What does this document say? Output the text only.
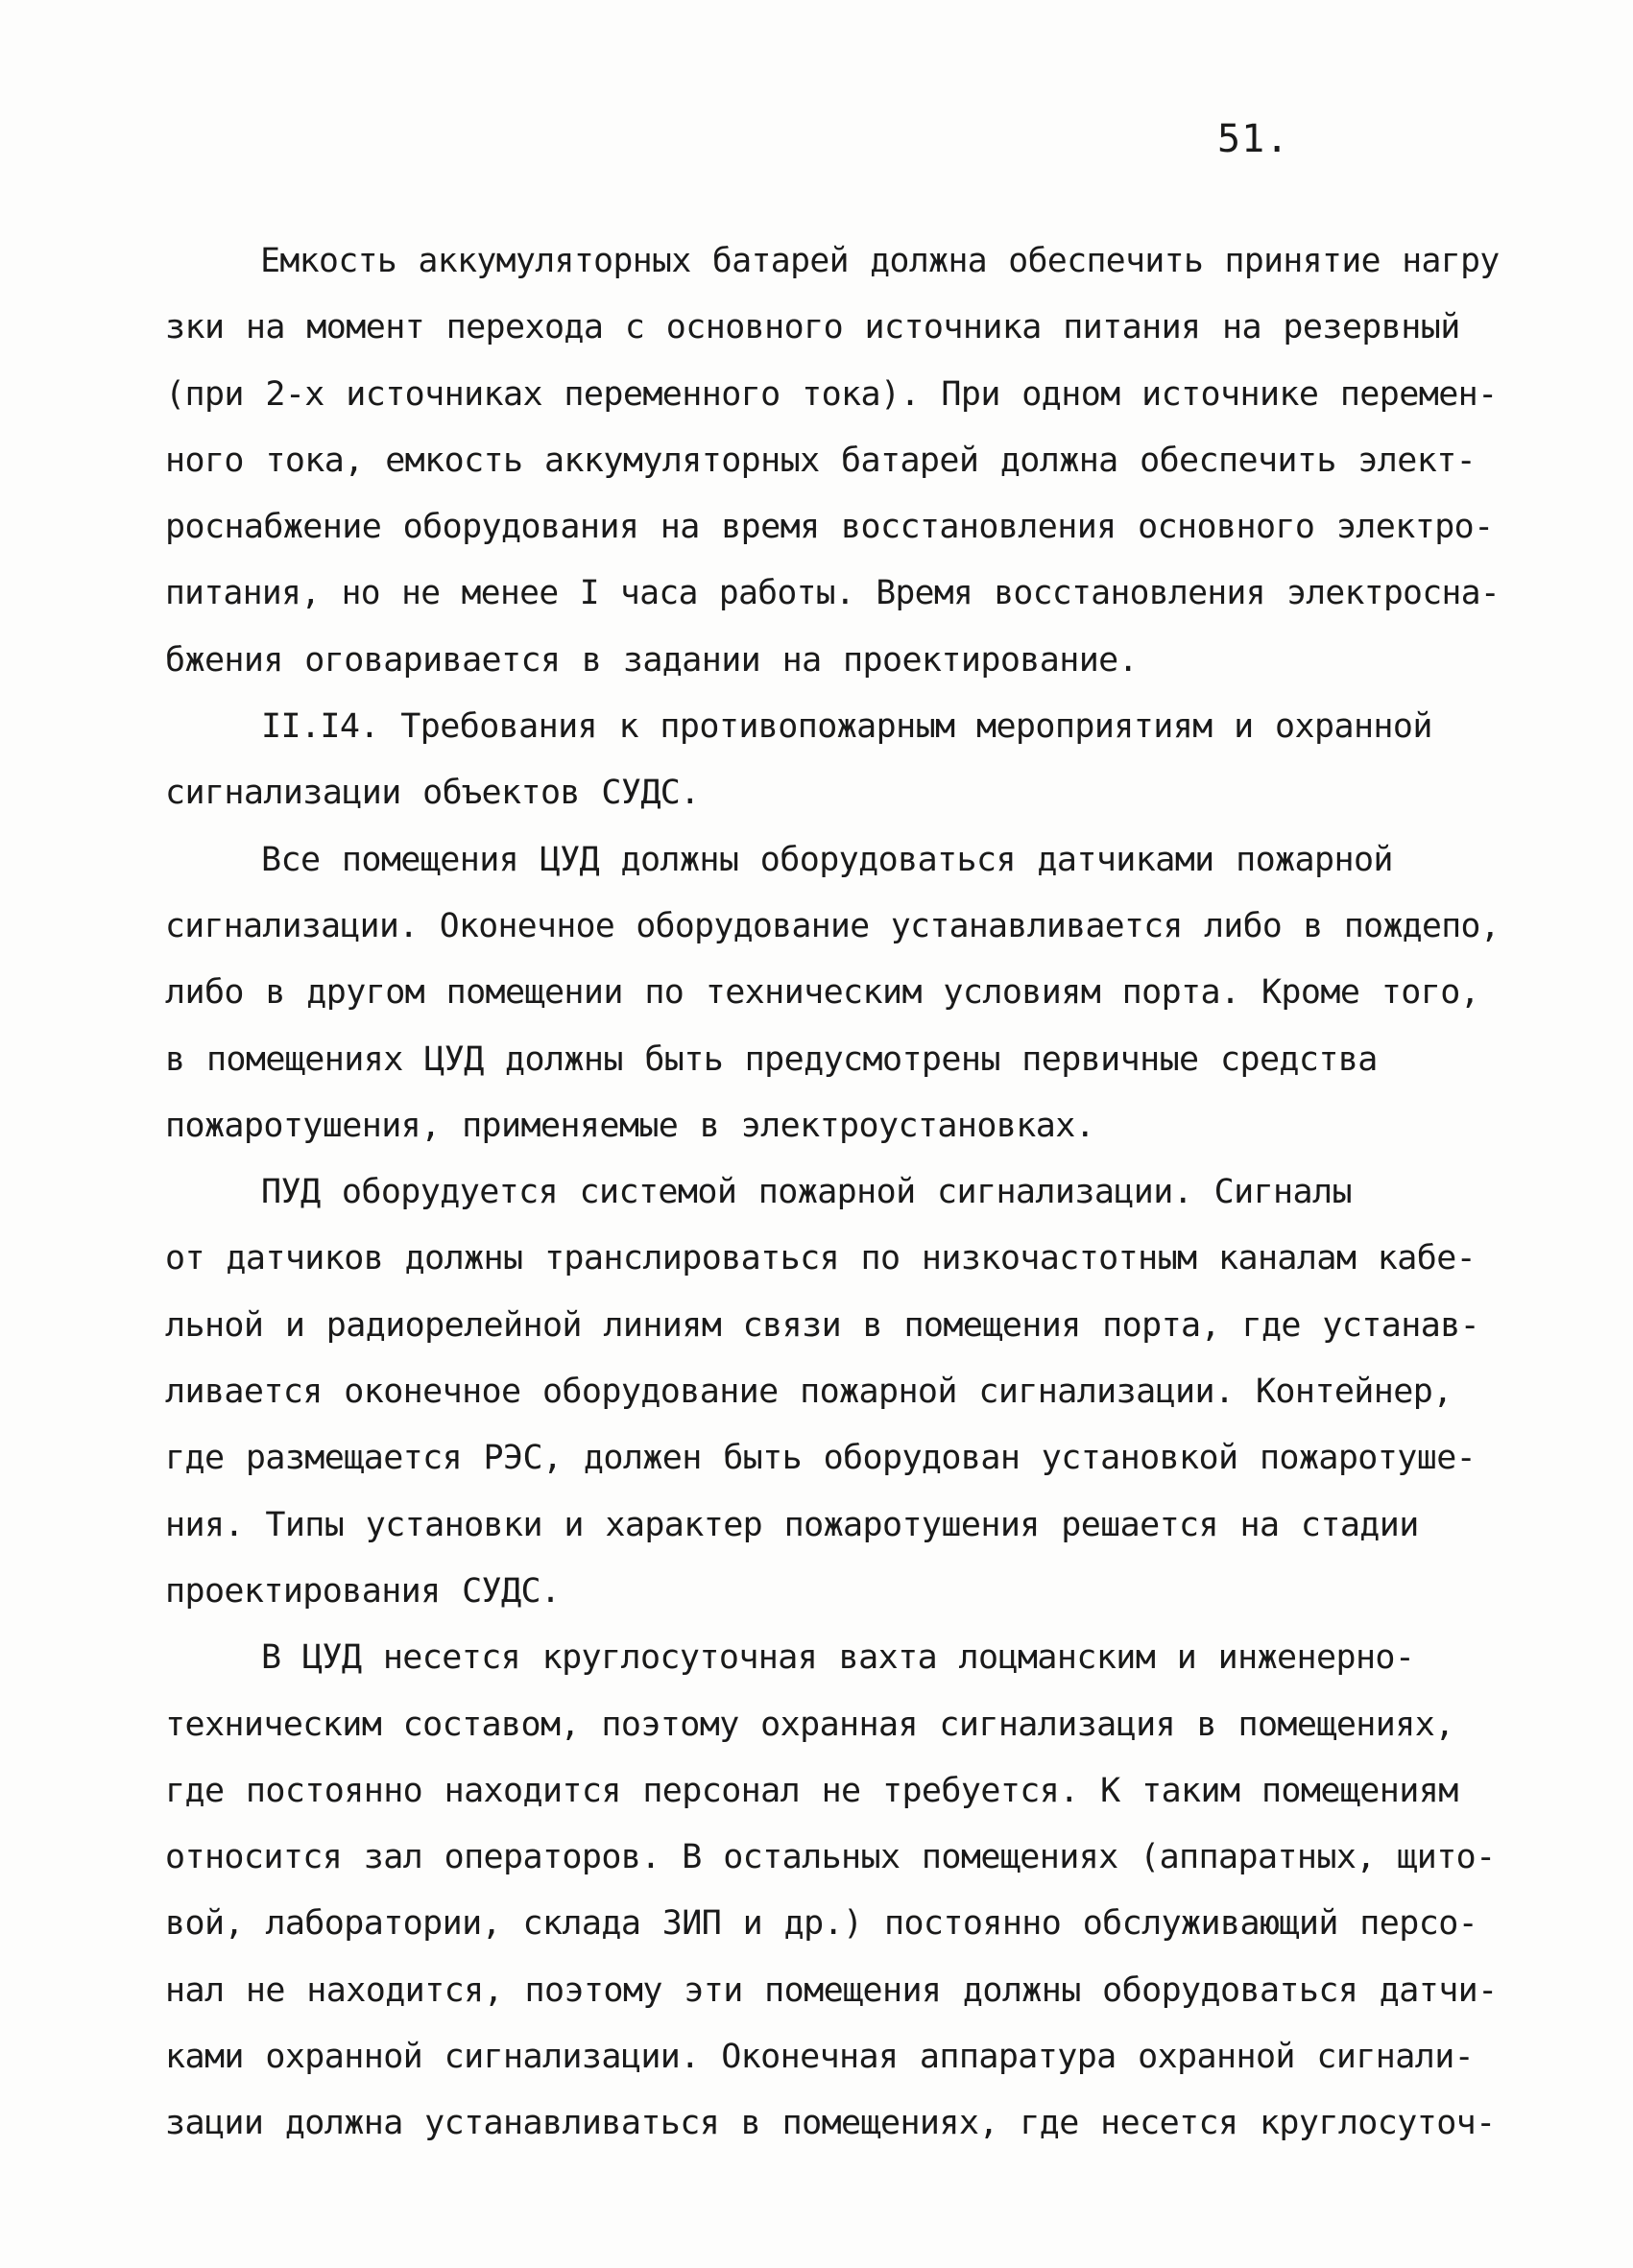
51.
Емкость аккумуляторных батарей должна обеспечить принятие нагру
зки на момент перехода с основного источника питания на резервный
(при 2-х источниках переменного тока). При одном источнике перемен-
ного тока, емкость аккумуляторных батарей должна обеспечить элект-
роснабжение оборудования на время восстановления основного электро-
питания, но не менее I часа работы. Время восстановления электросна-
бжения оговаривается в задании на проектирование.
II.I4. Требования к противопожарным мероприятиям и охранной
сигнализации объектов СУДС.
Все помещения ЦУД должны оборудоваться датчиками пожарной
сигнализации. Оконечное оборудование устанавливается либо в пождепо,
либо в другом помещении по техническим условиям порта. Кроме того,
в помещениях ЦУД должны быть предусмотрены первичные средства
пожаротушения, применяемые в электроустановках.
ПУД оборудуется системой пожарной сигнализации. Сигналы
от датчиков должны транслироваться по низкочастотным каналам кабе-
льной и радиорелейной линиям связи в помещения порта, где устанав-
ливается оконечное оборудование пожарной сигнализации. Контейнер,
где размещается РЭС, должен быть оборудован установкой пожаротуше-
ния. Типы установки и характер пожаротушения решается на стадии
проектирования СУДС.
В ЦУД несется круглосуточная вахта лоцманским и инженерно-
техническим составом, поэтому охранная сигнализация в помещениях,
где постоянно находится персонал не требуется. К таким помещениям
относится зал операторов. В остальных помещениях (аппаратных, щито-
вой, лаборатории, склада ЗИП и др.) постоянно обслуживающий персо-
нал не находится, поэтому эти помещения должны оборудоваться датчи-
ками охранной сигнализации. Оконечная аппаратура охранной сигнали-
зации должна устанавливаться в помещениях, где несется круглосуточ-
